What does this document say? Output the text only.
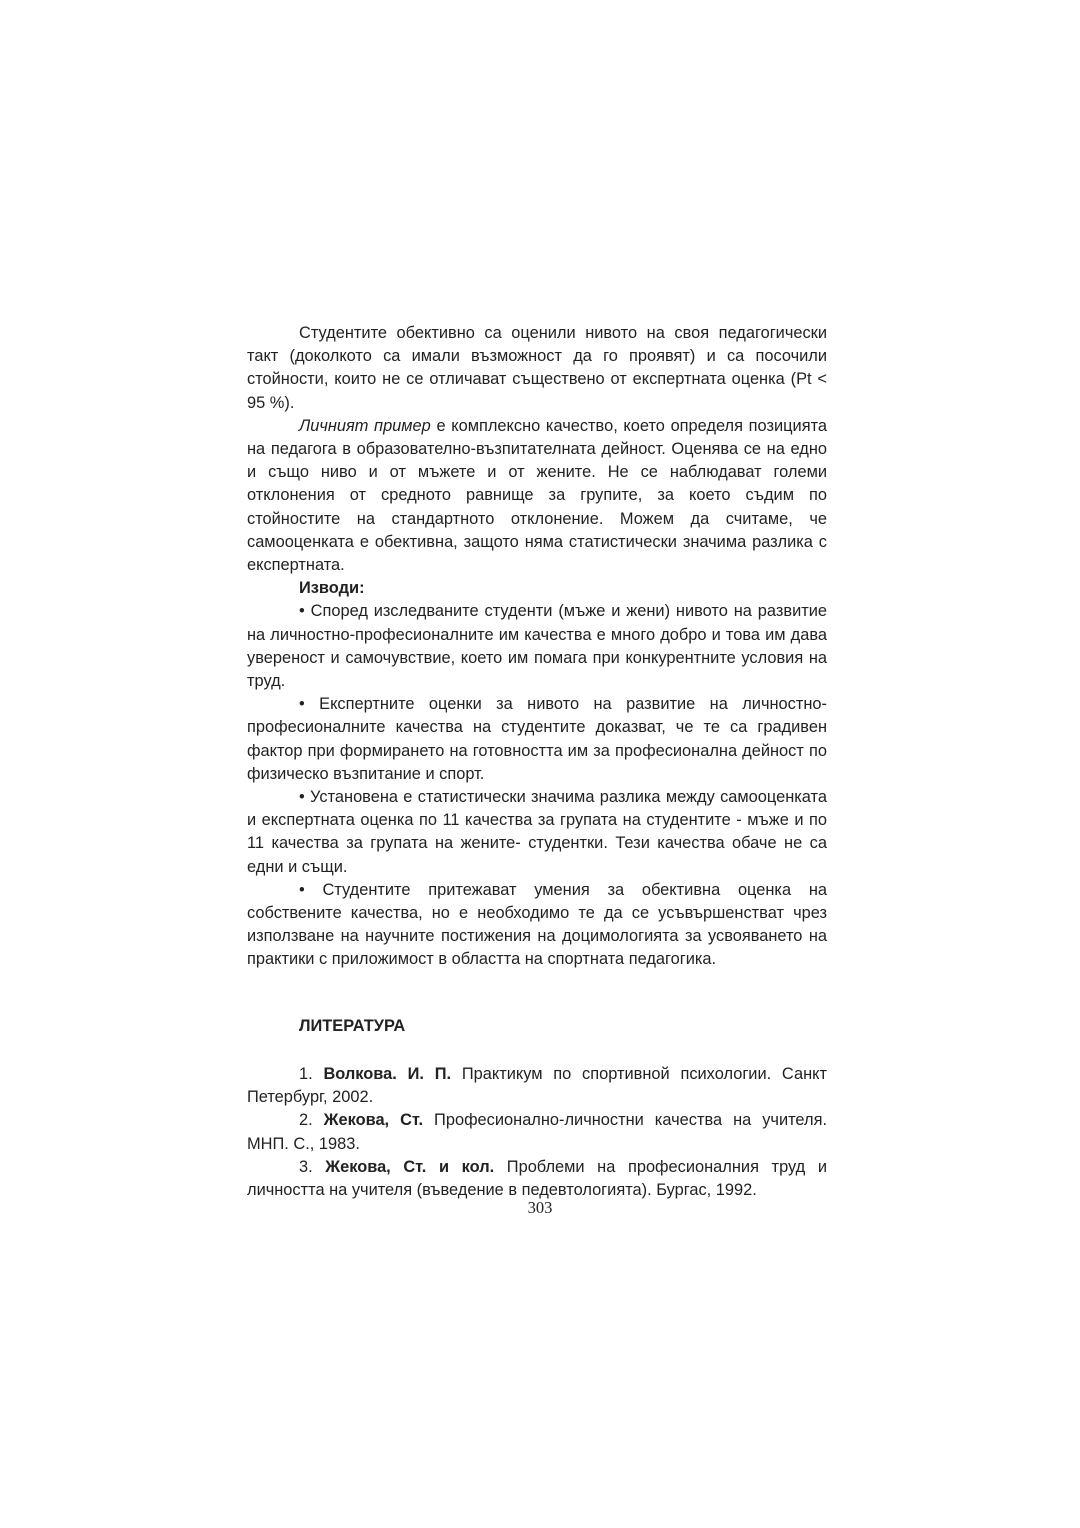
Студентите обективно са оценили нивото на своя педагогически такт (доколкото са имали възможност да го проявят) и са посочили стойности, които не се отличават съществено от експертната оценка (Pt < 95 %).

Личният пример е комплексно качество, което определя позицията на педагога в образователно-възпитателната дейност. Оценява се на едно и също ниво и от мъжете и от жените. Не се наблюдават големи отклонения от средното равнище за групите, за което съдим по стойностите на стандартното отклонение. Можем да считаме, че самооценката е обективна, защото няма статистически значима разлика с експертната.

Изводи:

• Според изследваните студенти (мъже и жени) нивото на развитие на личностно-професионалните им качества е много добро и това им дава увереност и самочувствие, което им помага при конкурентните условия на труд.

• Експертните оценки за нивото на развитие на личностно-професионалните качества на студентите доказват, че те са градивен фактор при формирането на готовността им за професионална дейност по физическо възпитание и спорт.

• Установена е статистически значима разлика между самооценката и експертната оценка по 11 качества за групата на студентите - мъже и по 11 качества за групата на жените- студентки. Тези качества обаче не са едни и същи.

• Студентите притежават умения за обективна оценка на собствените качества, но е необходимо те да се усъвършенстват чрез използване на научните постижения на доцимологията за усвояването на практики с приложимост в областта на спортната педагогика.

ЛИТЕРАТУРА

1. Волкова. И. П. Практикум по спортивной психологии. Санкт Петербург, 2002.

2. Жекова, Ст. Професионално-личностни качества на учителя. МНП. С., 1983.

3. Жекова, Ст. и кол. Проблеми на професионалния труд и личността на учителя (въведение в педевтологията). Бургас, 1992.

303
